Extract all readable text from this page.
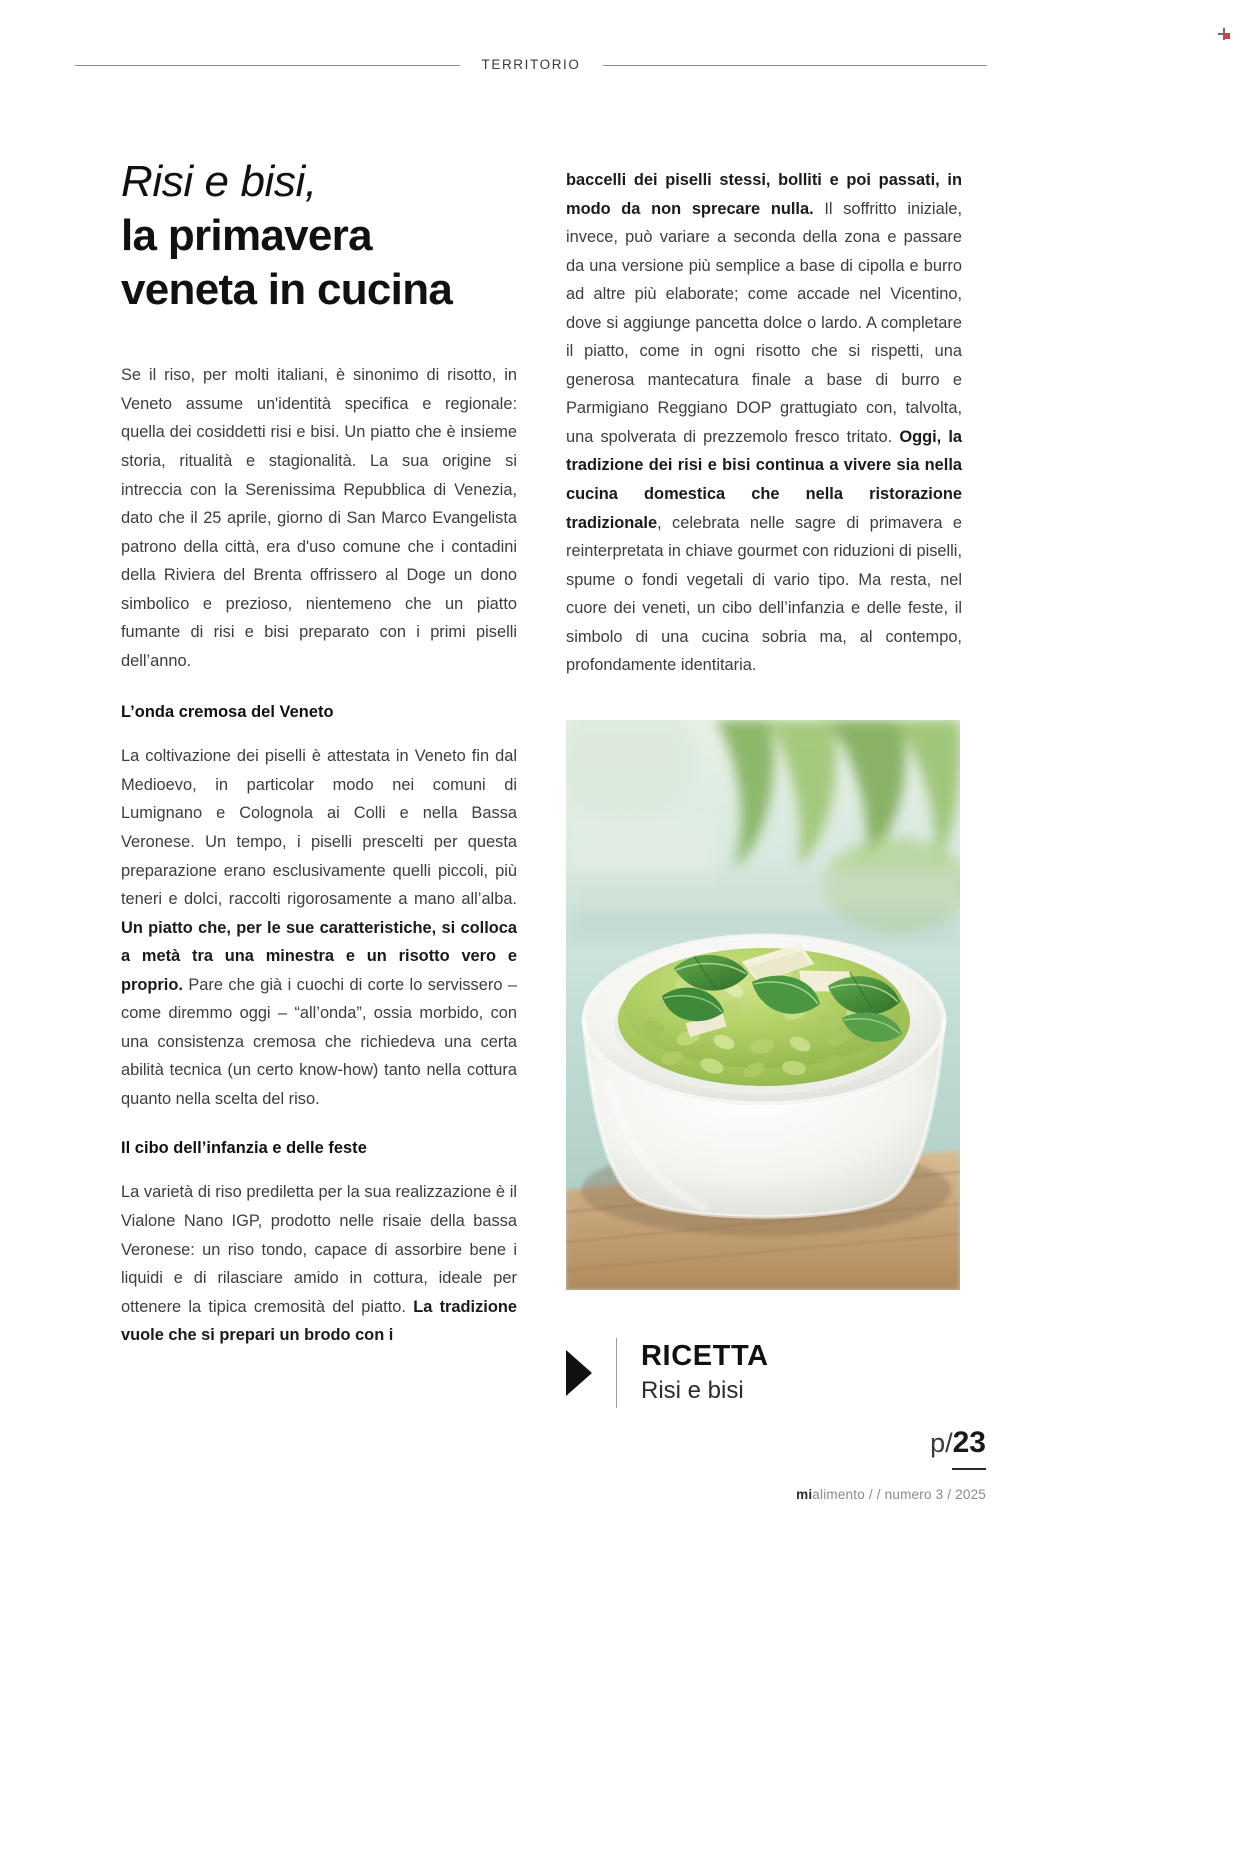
TERRITORIO
Risi e bisi,
la primavera
veneta in cucina

Se il riso, per molti italiani, è sinonimo di risotto, in Veneto assume un'identità specifica e regionale: quella dei cosiddetti risi e bisi. Un piatto che è insieme storia, ritualità e stagionalità. La sua origine si intreccia con la Serenissima Repubblica di Venezia, dato che il 25 aprile, giorno di San Marco Evangelista patrono della città, era d'uso comune che i contadini della Riviera del Brenta offrissero al Doge un dono simbolico e prezioso, nientemeno che un piatto fumante di risi e bisi preparato con i primi piselli dell’anno.

L’onda cremosa del Veneto

La coltivazione dei piselli è attestata in Veneto fin dal Medioevo, in particolar modo nei comuni di Lumignano e Colognola ai Colli e nella Bassa Veronese. Un tempo, i piselli prescelti per questa preparazione erano esclusivamente quelli piccoli, più teneri e dolci, raccolti rigorosamente a mano all’alba. Un piatto che, per le sue caratteristiche, si colloca a metà tra una minestra e un risotto vero e proprio. Pare che già i cuochi di corte lo servissero – come diremmo oggi – “all’onda”, ossia morbido, con una consistenza cremosa che richiedeva una certa abilità tecnica (un certo know-how) tanto nella cottura quanto nella scelta del riso.

Il cibo dell’infanzia e delle feste

La varietà di riso prediletta per la sua realizzazione è il Vialone Nano IGP, prodotto nelle risaie della bassa Veronese: un riso tondo, capace di assorbire bene i liquidi e di rilasciare amido in cottura, ideale per ottenere la tipica cremosità del piatto. La tradizione vuole che si prepari un brodo con i

baccelli dei piselli stessi, bolliti e poi passati, in modo da non sprecare nulla. Il soffritto iniziale, invece, può variare a seconda della zona e passare da una versione più semplice a base di cipolla e burro ad altre più elaborate; come accade nel Vicentino, dove si aggiunge pancetta dolce o lardo. A completare il piatto, come in ogni risotto che si rispetti, una generosa mantecatura finale a base di burro e Parmigiano Reggiano DOP grattugiato con, talvolta, una spolverata di prezzemolo fresco tritato. Oggi, la tradizione dei risi e bisi continua a vivere sia nella cucina domestica che nella ristorazione tradizionale, celebrata nelle sagre di primavera e reinterpretata in chiave gourmet con riduzioni di piselli, spume o fondi vegetali di vario tipo. Ma resta, nel cuore dei veneti, un cibo dell’infanzia e delle feste, il simbolo di una cucina sobria ma, al contempo, profondamente identitaria.

RICETTA
Risi e bisi
p/23
mialimento / / numero 3 / 2025
